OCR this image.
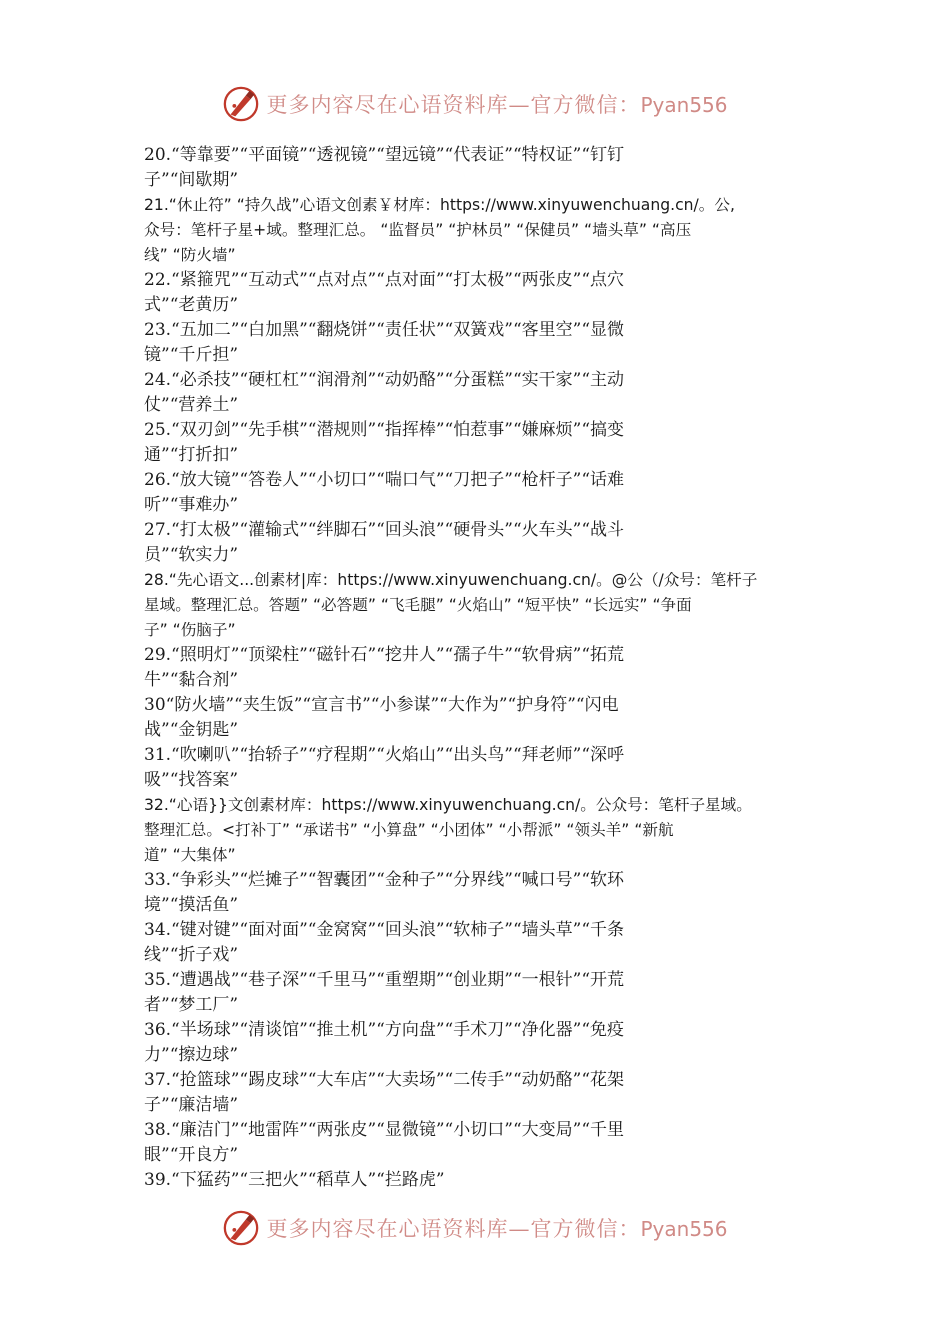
更多内容尽在心语资料库—官方微信：Pyan556
20.“等靠要”“平面镜”“透视镜”“望远镜”“代表证”“特权证”“钉钉
子”“间歇期”
21.“休止符” “持久战”心语文创素￥材库：https://www.xinyuwenchuang.cn/。公,
众号：笔杆子星+域。整理汇总。 “监督员” “护林员” “保健员” “墙头草” “高压
线” “防火墙”
22.“紧箍咒”“互动式”“点对点”“点对面”“打太极”“两张皮”“点穴
式”“老黄历”
23.“五加二”“白加黑”“翻烧饼”“责任状”“双簧戏”“客里空”“显微
镜”“千斤担”
24.“必杀技”“硬杠杠”“润滑剂”“动奶酪”“分蛋糕”“实干家”“主动
仗”“营养土”
25.“双刃剑”“先手棋”“潜规则”“指挥棒”“怕惹事”“嫌麻烦”“搞变
通”“打折扣”
26.“放大镜”“答卷人”“小切口”“喘口气”“刀把子”“枪杆子”“话难
听”“事难办”
27.“打太极”“灌输式”“绊脚石”“回头浪”“硬骨头”“火车头”“战斗
员”“软实力”
28.“先心语文...创素材|库：https://www.xinyuwenchuang.cn/。@公（/众号：笔杆子
星域。整理汇总。答题” “必答题” “飞毛腿” “火焰山” “短平快” “长远实” “争面
子” “伤脑子”
29.“照明灯”“顶梁柱”“磁针石”“挖井人”“孺子牛”“软骨病”“拓荒
牛”“黏合剂”
30“防火墙”“夹生饭”“宣言书”“小参谋”“大作为”“护身符”“闪电
战”“金钥匙”
31.“吹喇叭”“抬轿子”“疗程期”“火焰山”“出头鸟”“拜老师”“深呼
吸”“找答案”
32.“心语}}文创素材库：https://www.xinyuwenchuang.cn/。公众号：笔杆子星域。
整理汇总。<打补丁” “承诺书” “小算盘” “小团体” “小帮派” “领头羊” “新航
道” “大集体”
33.“争彩头”“烂摊子”“智囊团”“金种子”“分界线”“喊口号”“软环
境”“摸活鱼”
34.“键对键”“面对面”“金窝窝”“回头浪”“软柿子”“墙头草”“千条
线”“折子戏”
35.“遭遇战”“巷子深”“千里马”“重塑期”“创业期”“一根针”“开荒
者”“梦工厂”
36.“半场球”“清谈馆”“推土机”“方向盘”“手术刀”“净化器”“免疫
力”“擦边球”
37.“抢篮球”“踢皮球”“大车店”“大卖场”“二传手”“动奶酪”“花架
子”“廉洁墙”
38.“廉洁门”“地雷阵”“两张皮”“显微镜”“小切口”“大变局”“千里
眼”“开良方”
39.“下猛药”“三把火”“稻草人”“拦路虎”
更多内容尽在心语资料库—官方微信：Pyan556
